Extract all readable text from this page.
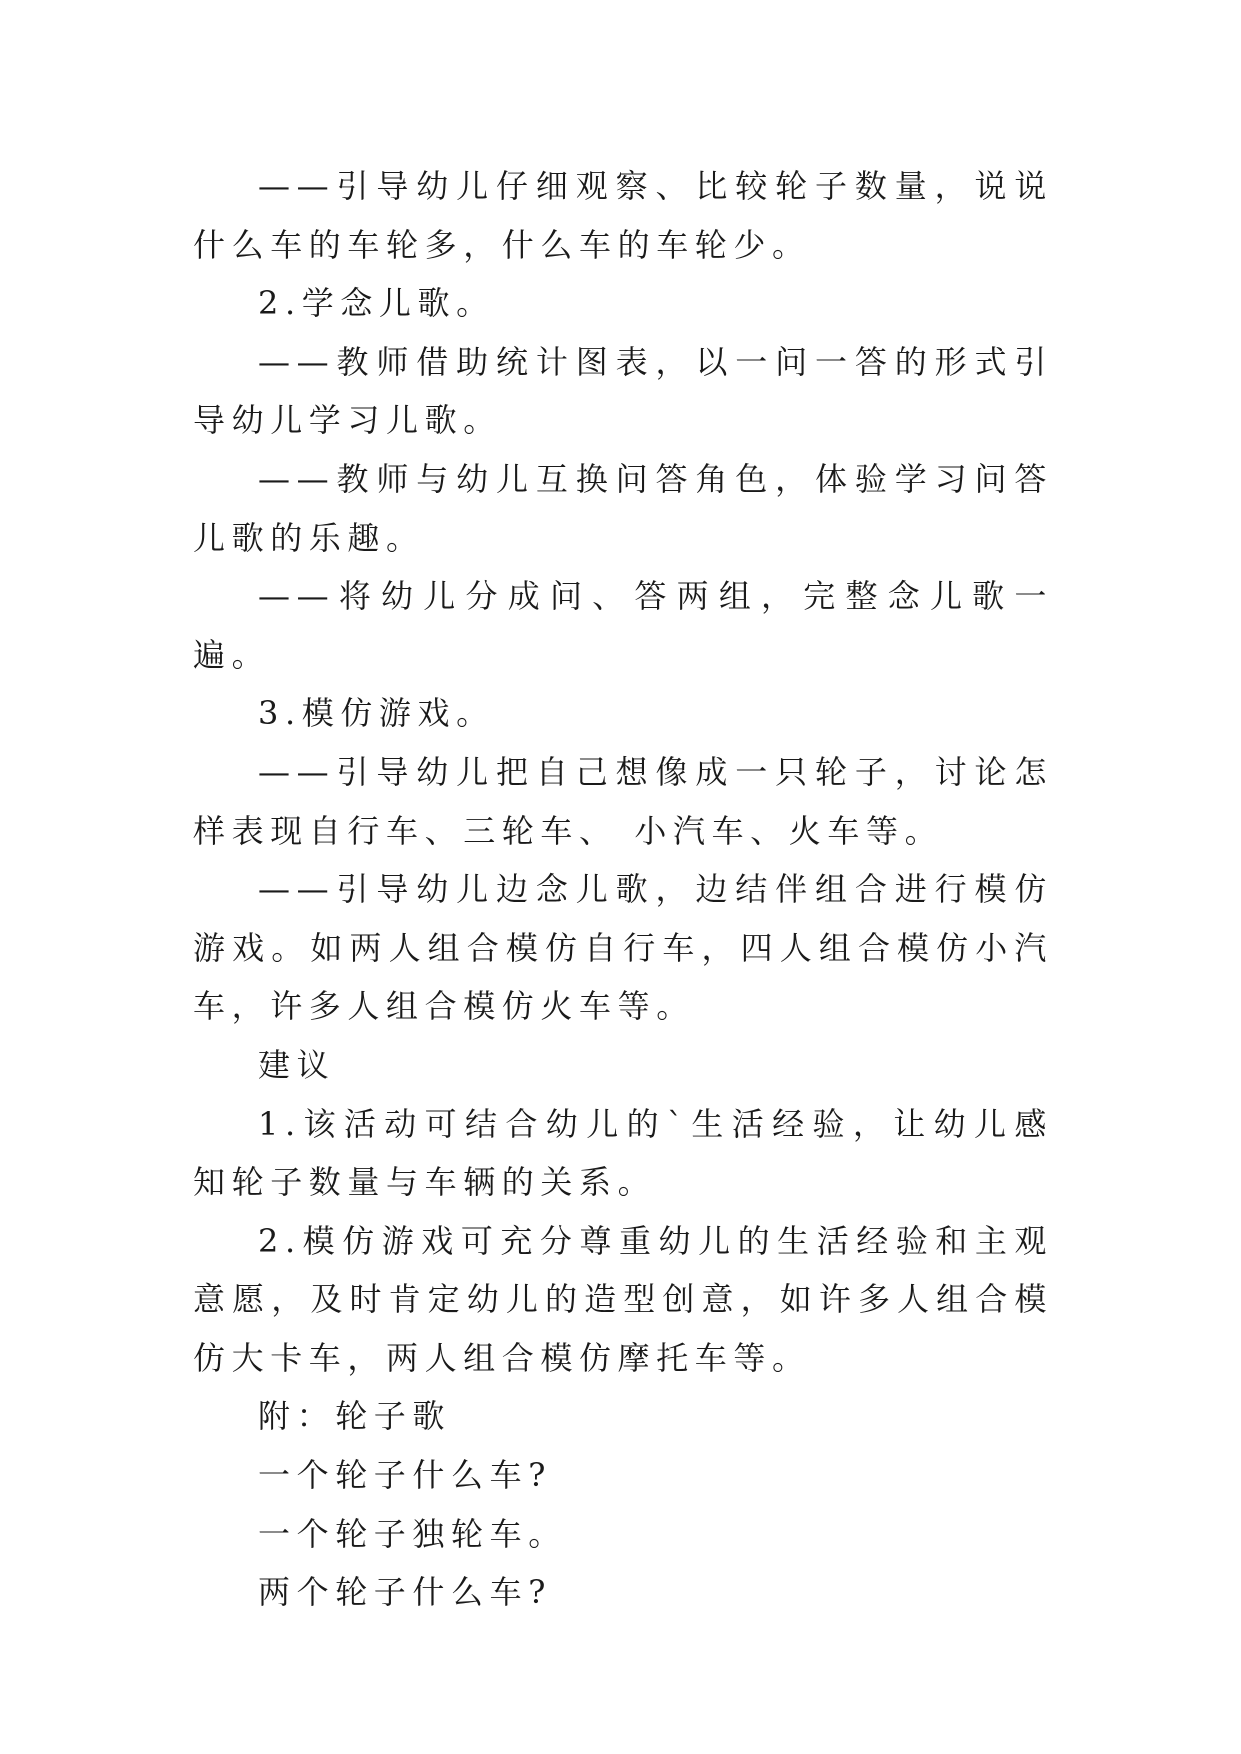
——引导幼儿仔细观察、比较轮子数量，说说什么车的车轮多，什么车的车轮少。

2.学念儿歌。

——教师借助统计图表，以一问一答的形式引导幼儿学习儿歌。

——教师与幼儿互换问答角色，体验学习问答儿歌的乐趣。

——将幼儿分成问、答两组，完整念儿歌一遍。

3.模仿游戏。

——引导幼儿把自己想像成一只轮子，讨论怎样表现自行车、三轮车、 小汽车、火车等。

——引导幼儿边念儿歌，边结伴组合进行模仿游戏。如两人组合模仿自行车，四人组合模仿小汽车，许多人组合模仿火车等。

建议

1.该活动可结合幼儿的`生活经验，让幼儿感知轮子数量与车辆的关系。

2.模仿游戏可充分尊重幼儿的生活经验和主观意愿，及时肯定幼儿的造型创意，如许多人组合模仿大卡车，两人组合模仿摩托车等。

附：轮子歌

一个轮子什么车?

一个轮子独轮车。

两个轮子什么车?
